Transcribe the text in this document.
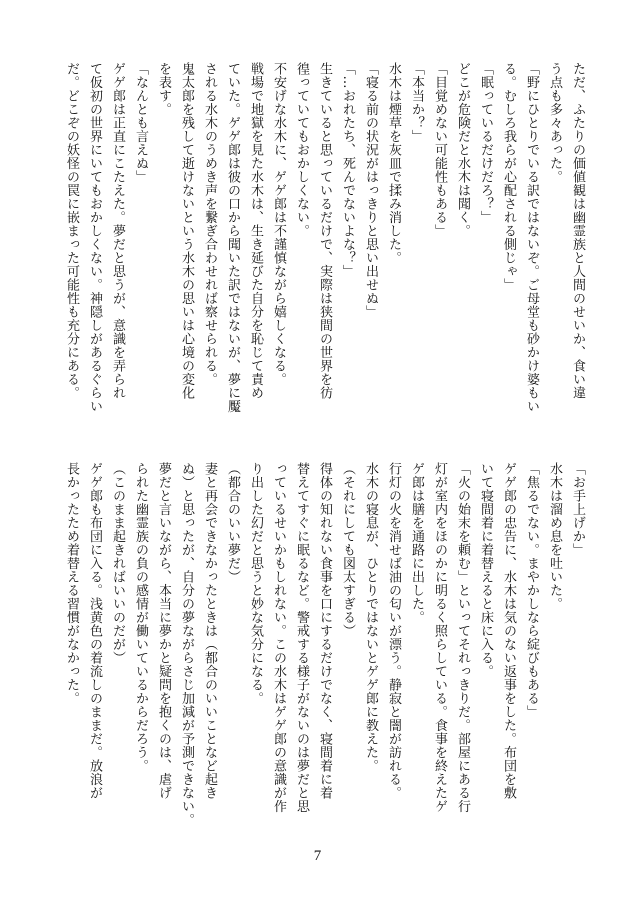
ただ、ふたりの価値観は幽霊族と人間のせいか、食い違

う点も多々あった。

「野にひとりでいる訳ではないぞ。ご母堂も砂かけ婆もい

る。むしろ我らが心配される側じゃ」

「眠っているだけだろ？」

どこが危険だと水木は聞く。

「目覚めない可能性もある」

「本当か？」

水木は煙草を灰皿で揉み消した。

「寝る前の状況がはっきりと思い出せぬ」

「…おれたち、死んでないよな？」

生きていると思っているだけで、実際は狭間の世界を彷

徨っていてもおかしくない。

不安げな水木に、ゲゲ郎は不謹慎ながら嬉しくなる。

戦場で地獄を見た水木は、生き延びた自分を恥じて責め

ていた。ゲゲ郎は彼の口から聞いた訳ではないが、夢に魘

される水木のうめき声を繋ぎ合わせれば察せられる。

鬼太郎を残して逝けないという水木の思いは心境の変化

を表す。

「なんとも言えぬ」

ゲゲ郎は正直にこたえた。夢だと思うが、意識を弄られ

て仮初の世界にいてもおかしくない。神隠しがあるぐらい

だ。どこぞの妖怪の罠に嵌まった可能性も充分にある。

「お手上げか」

水木は溜め息を吐いた。

「焦るでない。まやかしなら綻びもある」

ゲゲ郎の忠告に、水木は気のない返事をした。布団を敷

いて寝間着に着替えると床に入る。

「火の始末を頼む」といってそれっきりだ。部屋にある行

灯が室内をほのかに明るく照らしている。食事を終えたゲ

ゲ郎は膳を通路に出した。

行灯の火を消せば油の匂いが漂う。静寂と闇が訪れる。

水木の寝息が、ひとりではないとゲゲ郎に教えた。

（それにしても図太すぎる）

得体の知れない食事を口にするだけでなく、寝間着に着

替えてすぐに眠るなど。警戒する様子がないのは夢だと思

っているせいかもしれない。この水木はゲゲ郎の意識が作

り出した幻だと思うと妙な気分になる。

（都合のいい夢だ）

妻と再会できなかったときは（都合のいいことなど起き

ぬ）と思ったが、自分の夢ながらさじ加減が予測できない。

夢だと言いながら、本当に夢かと疑問を抱くのは、虐げ

られた幽霊族の負の感情が働いているからだろう。

（このまま起きればいいのだが）

ゲゲ郎も布団に入る。浅黄色の着流しのままだ。放浪が

長かったため着替える習慣がなかった。

7
